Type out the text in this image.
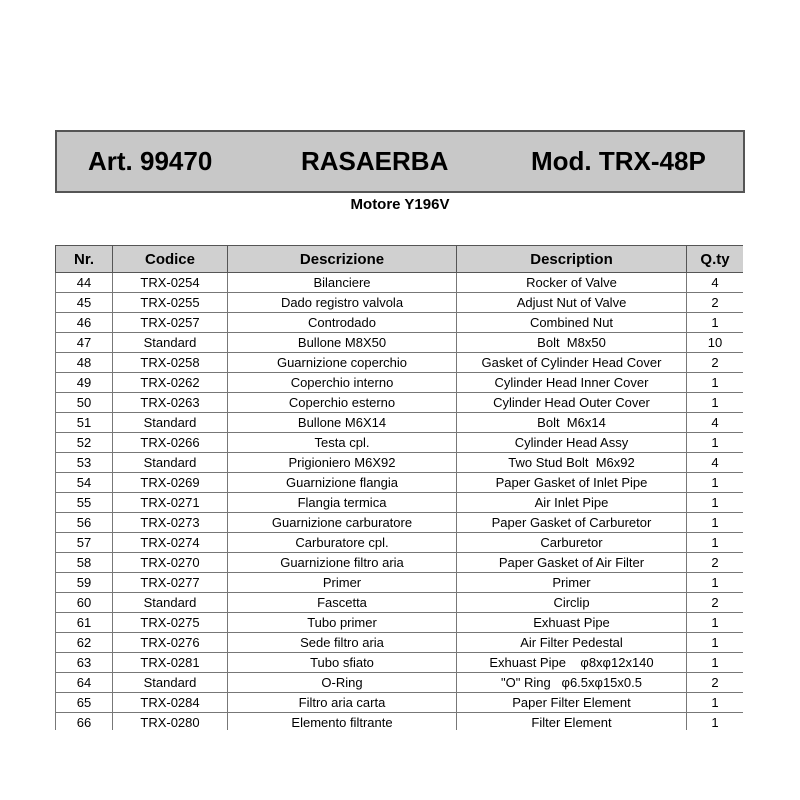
Art. 99470	RASAERBA	Mod. TRX-48P
Motore Y196V
Nr.	Codice	Descrizione	Description	Q.ty
44	TRX-0254	Bilanciere	Rocker of Valve	4
45	TRX-0255	Dado registro valvola	Adjust Nut of Valve	2
46	TRX-0257	Controdado	Combined Nut	1
47	Standard	Bullone M8X50	Bolt  M8x50	10
48	TRX-0258	Guarnizione coperchio	Gasket of Cylinder Head Cover	2
49	TRX-0262	Coperchio interno	Cylinder Head Inner Cover	1
50	TRX-0263	Coperchio esterno	Cylinder Head Outer Cover	1
51	Standard	Bullone M6X14	Bolt  M6x14	4
52	TRX-0266	Testa cpl.	Cylinder Head Assy	1
53	Standard	Prigioniero M6X92	Two Stud Bolt  M6x92	4
54	TRX-0269	Guarnizione flangia	Paper Gasket of Inlet Pipe	1
55	TRX-0271	Flangia termica	Air Inlet Pipe	1
56	TRX-0273	Guarnizione carburatore	Paper Gasket of Carburetor	1
57	TRX-0274	Carburatore cpl.	Carburetor	1
58	TRX-0270	Guarnizione filtro aria	Paper Gasket of Air Filter	2
59	TRX-0277	Primer	Primer	1
60	Standard	Fascetta	Circlip	2
61	TRX-0275	Tubo primer	Exhuast Pipe	1
62	TRX-0276	Sede filtro aria	Air Filter Pedestal	1
63	TRX-0281	Tubo sfiato	Exhuast Pipe    φ8xφ12x140	1
64	Standard	O-Ring	"O" Ring   φ6.5xφ15x0.5	2
65	TRX-0284	Filtro aria carta	Paper Filter Element	1
66	TRX-0280	Elemento filtrante	Filter Element	1
